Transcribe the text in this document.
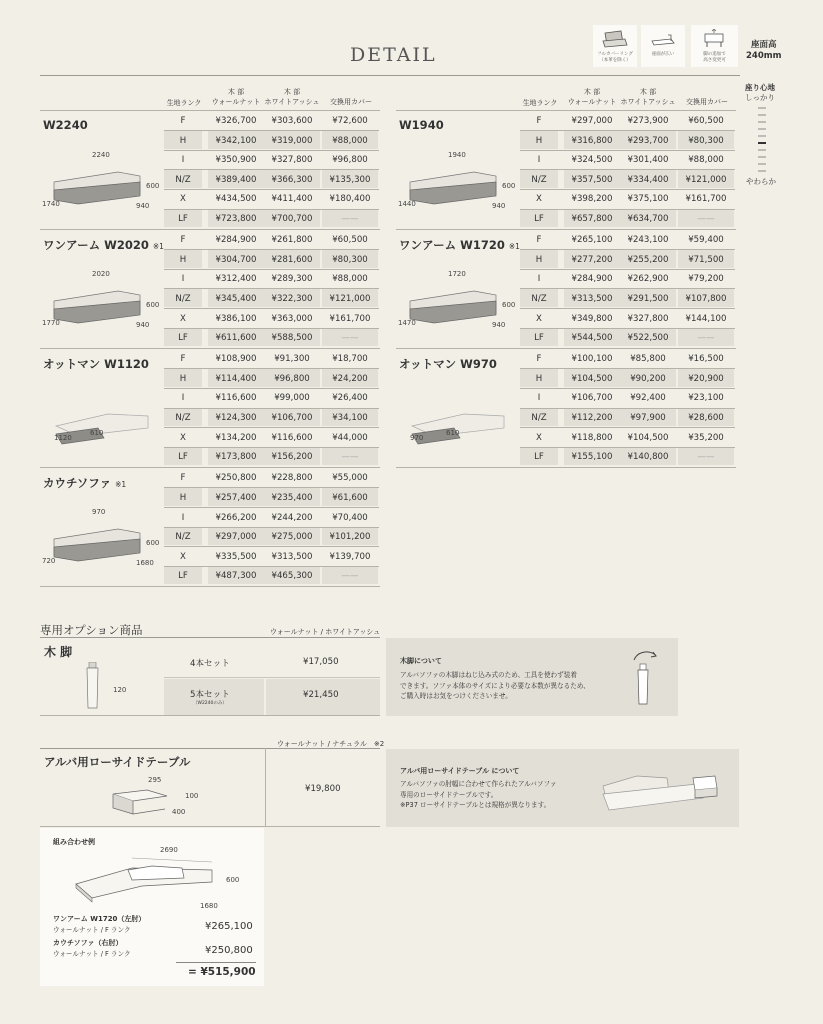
DETAIL	フルカバーリング
（本革を除く）
座面が広い	脚の追加で
高さ変更可
座面高
240mm
座り心地
しっかり
やわらか
生地ランク
木 部
ウォールナット
木 部
ホワイトアッシュ	交換用カバー
W2240	F	¥326,700	¥303,600	¥72,600
H	¥342,100	¥319,000	¥88,000
I	¥350,900	¥327,800	¥96,800
N/Z	¥389,400	¥366,300	¥135,300
X	¥434,500	¥411,400	¥180,400
LF	¥723,800	¥700,700	——
2240
600
1740	940
ワンアーム W2020 ※1
F	¥284,900	¥261,800	¥60,500
H	¥304,700	¥281,600	¥80,300
I	¥312,400	¥289,300	¥88,000
N/Z	¥345,400	¥322,300	¥121,000
X	¥386,100	¥363,000	¥161,700
LF	¥611,600	¥588,500	——
2020
600
1770	940
オットマン W1120	F	¥108,900	¥91,300	¥18,700
H	¥114,400	¥96,800	¥24,200
I	¥116,600	¥99,000	¥26,400
N/Z	¥124,300	¥106,700	¥34,100
X	¥134,200	¥116,600	¥44,000
LF	¥173,800	¥156,200	——
1120
610
カウチソファ ※1
F	¥250,800	¥228,800	¥55,000
H	¥257,400	¥235,400	¥61,600
I	¥266,200	¥244,200	¥70,400
N/Z	¥297,000	¥275,000	¥101,200
X	¥335,500	¥313,500	¥139,700
LF	¥487,300	¥465,300	——
970
600
720	1680
生地ランク
木 部
ウォールナット
木 部
ホワイトアッシュ	交換用カバー
W1940	F	¥297,000	¥273,900	¥60,500
H	¥316,800	¥293,700	¥80,300
I	¥324,500	¥301,400	¥88,000
N/Z	¥357,500	¥334,400	¥121,000
X	¥398,200	¥375,100	¥161,700
LF	¥657,800	¥634,700	——
1940
600
1440	940
ワンアーム W1720 ※1
F	¥265,100	¥243,100	¥59,400
H	¥277,200	¥255,200	¥71,500
I	¥284,900	¥262,900	¥79,200
N/Z	¥313,500	¥291,500	¥107,800
X	¥349,800	¥327,800	¥144,100
LF	¥544,500	¥522,500	——
1720
600
1470	940
オットマン W970	F	¥100,100	¥85,800	¥16,500
H	¥104,500	¥90,200	¥20,900
I	¥106,700	¥92,400	¥23,100
N/Z	¥112,200	¥97,900	¥28,600
X	¥118,800	¥104,500	¥35,200
LF	¥155,100	¥140,800	——
970
610
専用オプション商品	ウォールナット / ホワイトアッシュ
木 脚
120
4本セット	¥17,050
5本セット
（W2240のみ）
¥21,450
木脚について
アルバソファの木脚はねじ込み式のため、工具を使わず装着
できます。ソファ本体のサイズにより必要な本数が異なるため、
ご購入時はお気をつけくださいませ。
ウォールナット / ナチュラル　※2
アルバ用ローサイドテーブル
295
100
400
¥19,800
アルバ用ローサイドテーブル について
アルバソファの肘幅に合わせて作られたアルバソファ
専用のローサイドテーブルです。
※P37 ローサイドテーブルとは規格が異なります。
組み合わせ例
2690
600
1680
ワンアーム W1720（左肘）
ウォールナット / F ランク	¥265,100
カウチソファ（右肘）
ウォールナット / F ランク	¥250,800
= ¥515,900
